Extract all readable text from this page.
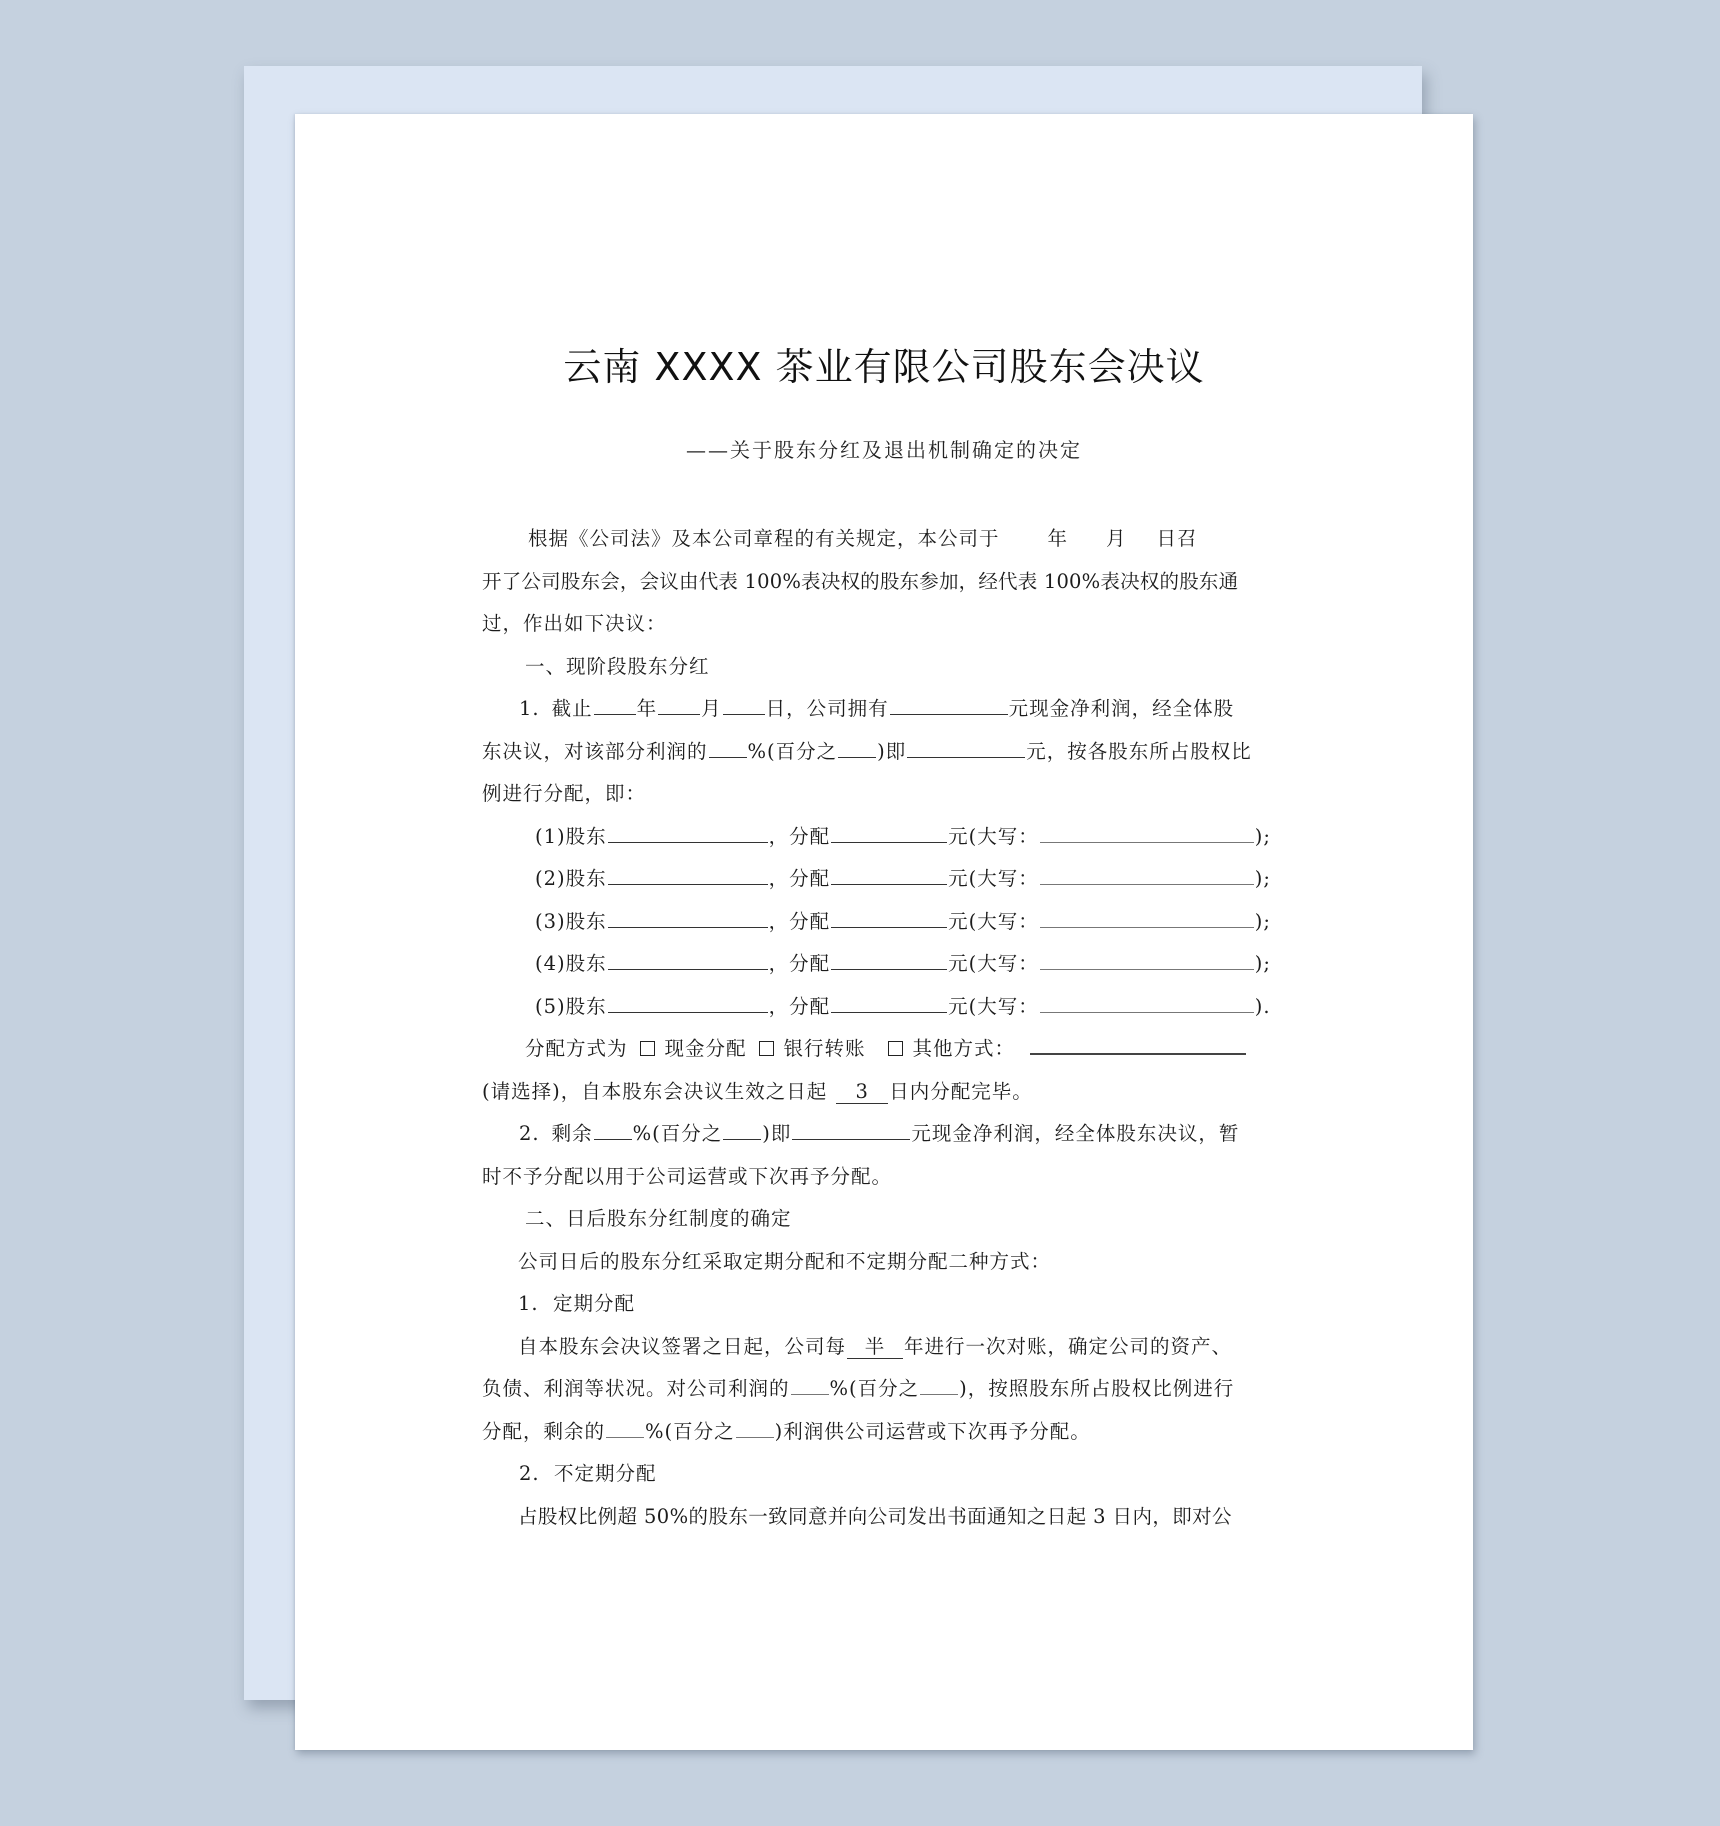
云南 XXXX 茶业有限公司股东会决议
——关于股东分红及退出机制确定的决定
根据《公司法》及本公司章程的有关规定，本公司于 年 月 日召
开了公司股东会，会议由代表 100%表决权的股东参加，经代表 100%表决权的股东通
过，作出如下决议：
一、现阶段股东分红
1. 截止 年 月 日，公司拥有	元现金净利润，经全体股
东决议，对该部分利润的 %(百分之 )即	元，按各股东所占股权比
例进行分配，即：
(1)股东	，分配	元(大写：	);
(2)股东	，分配	元(大写：	);
(3)股东	，分配	元(大写：	);
(4)股东	，分配	元(大写：	);
(5)股东	，分配	元(大写：	).
分配方式为 现金分配 银行转账 其他方式：
(请选择)，自本股东会决议生效之日起	3	日内分配完毕。
2. 剩余 %(百分之 )即	元现金净利润，经全体股东决议，暂
时不予分配以用于公司运营或下次再予分配。
二、日后股东分红制度的确定
公司日后的股东分红采取定期分配和不定期分配二种方式：
1.  定期分配
自本股东会决议签署之日起，公司每 半 年进行一次对账，确定公司的资产、
负债、利润等状况。对公司利润的 %(百分之 )，按照股东所占股权比例进行
分配，剩余的 %(百分之 )利润供公司运营或下次再予分配。
2.  不定期分配
占股权比例超 50%的股东一致同意并向公司发出书面通知之日起 3 日内，即对公
